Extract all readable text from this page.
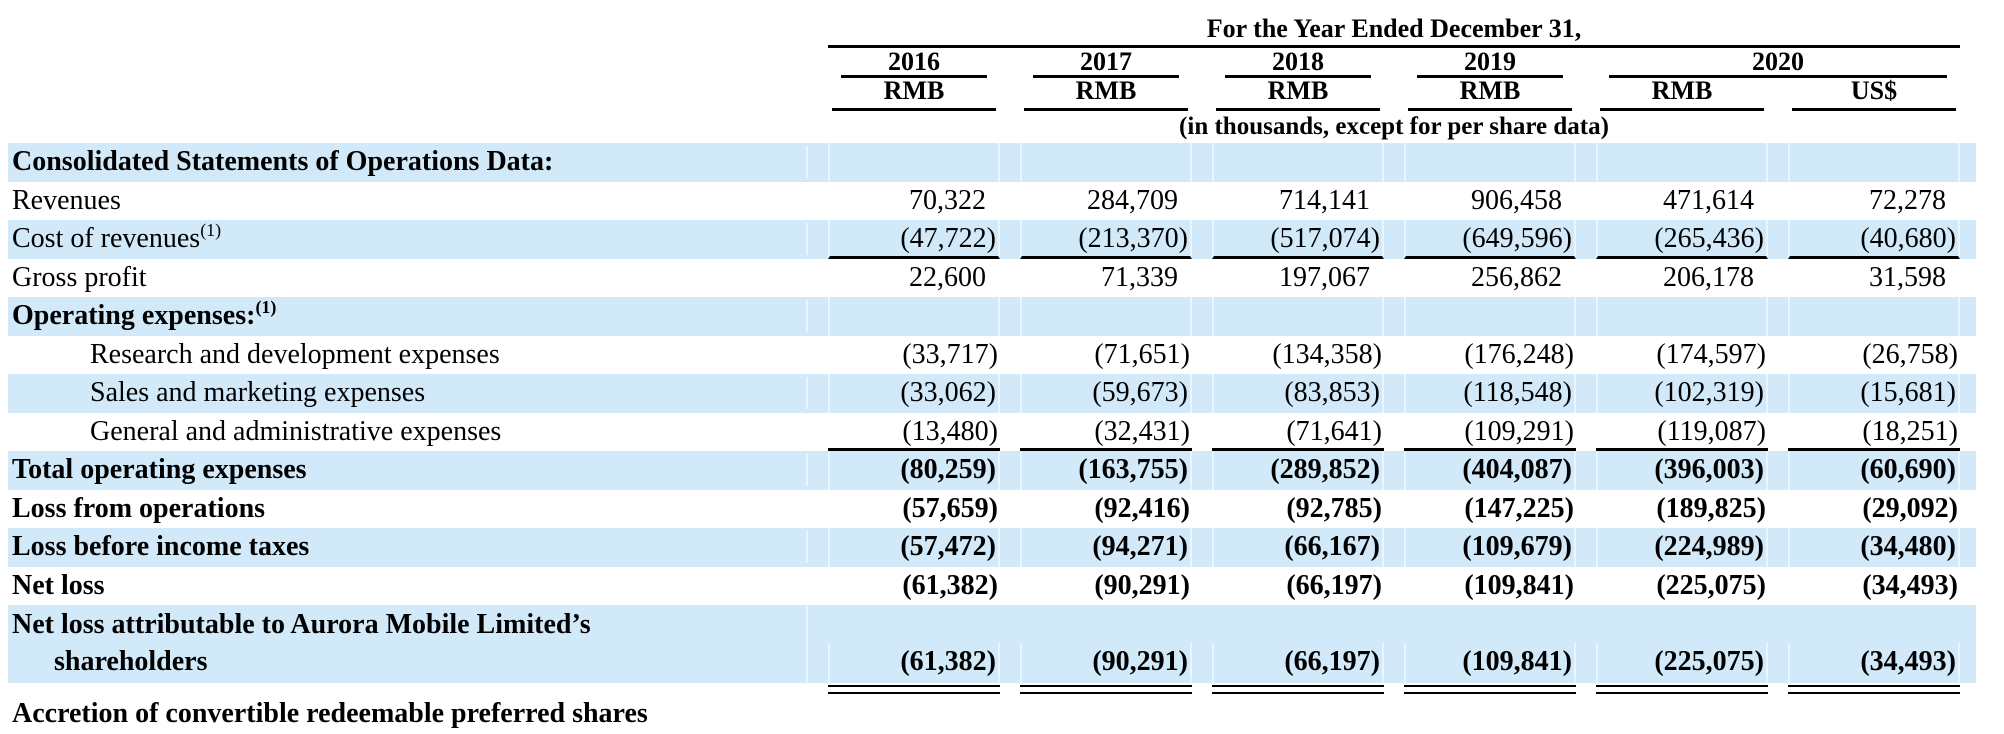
For the Year Ended December 31,
2016	2017	2018	2019	2020
RMB	RMB	RMB	RMB	RMB	US$
(in thousands, except for per share data)
Consolidated Statements of Operations Data:
Revenues	70,322	284,709	714,141	906,458	471,614	72,278
Cost of revenues$^{(1)}$	(47,722)	(213,370)	(517,074)	(649,596)	(265,436)	(40,680)
Gross profit	22,600	71,339	197,067	256,862	206,178	31,598
Operating expenses:$^{(1)}$
Research and development expenses	(33,717)	(71,651)	(134,358)	(176,248)	(174,597)	(26,758)
Sales and marketing expenses	(33,062)	(59,673)	(83,853)	(118,548)	(102,319)	(15,681)
General and administrative expenses	(13,480)	(32,431)	(71,641)	(109,291)	(119,087)	(18,251)
Total operating expenses	(80,259)	(163,755)	(289,852)	(404,087)	(396,003)	(60,690)
Loss from operations	(57,659)	(92,416)	(92,785)	(147,225)	(189,825)	(29,092)
Loss before income taxes	(57,472)	(94,271)	(66,167)	(109,679)	(224,989)	(34,480)
Net loss	(61,382)	(90,291)	(66,197)	(109,841)	(225,075)	(34,493)
Net loss attributable to Aurora Mobile Limited’s
shareholders	(61,382)	(90,291)	(66,197)	(109,841)	(225,075)	(34,493)
Accretion of convertible redeemable preferred shares
